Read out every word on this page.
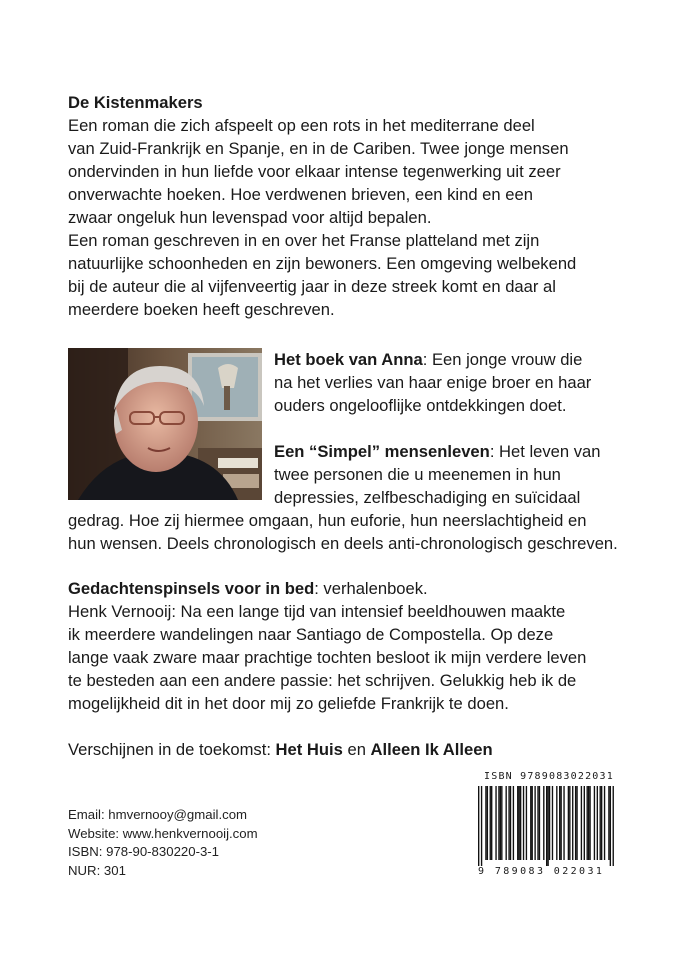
De Kistenmakers
Een roman die zich afspeelt op een rots in het mediterrane deel
van Zuid-Frankrijk en Spanje, en in de Cariben. Twee jonge mensen
ondervinden in hun liefde voor elkaar intense tegenwerking uit zeer
onverwachte hoeken. Hoe verdwenen brieven, een kind en een
zwaar ongeluk hun levenspad voor altijd bepalen.
Een roman geschreven in en over het Franse platteland met zijn
natuurlijke schoonheden en zijn bewoners. Een omgeving welbekend
bij de auteur die al vijfenveertig jaar in deze streek komt en daar al
meerdere boeken heeft geschreven.
Het boek van Anna: Een jonge vrouw die
na het verlies van haar enige broer en haar
ouders ongelooflijke ontdekkingen doet.
Een “Simpel” mensenleven: Het leven van
twee personen die u meenemen in hun
depressies, zelfbeschadiging en suïcidaal
gedrag. Hoe zij hiermee omgaan, hun euforie, hun neerslachtigheid en
hun wensen. Deels chronologisch en deels anti-chronologisch geschreven.
Gedachtenspinsels voor in bed: verhalenboek.
Henk Vernooij: Na een lange tijd van intensief beeldhouwen maakte
ik meerdere wandelingen naar Santiago de Compostella. Op deze
lange vaak zware maar prachtige tochten besloot ik mijn verdere leven
te besteden aan een andere passie: het schrijven. Gelukkig heb ik de
mogelijkheid dit in het door mij zo geliefde Frankrijk te doen.
Verschijnen in de toekomst: Het Huis en Alleen Ik Alleen
Email: hmvernooy@gmail.com
Website: www.henkvernooij.com
ISBN: 978-90-830220-3-1
NUR: 301
ISBN 9789083022031
9 789083 022031
